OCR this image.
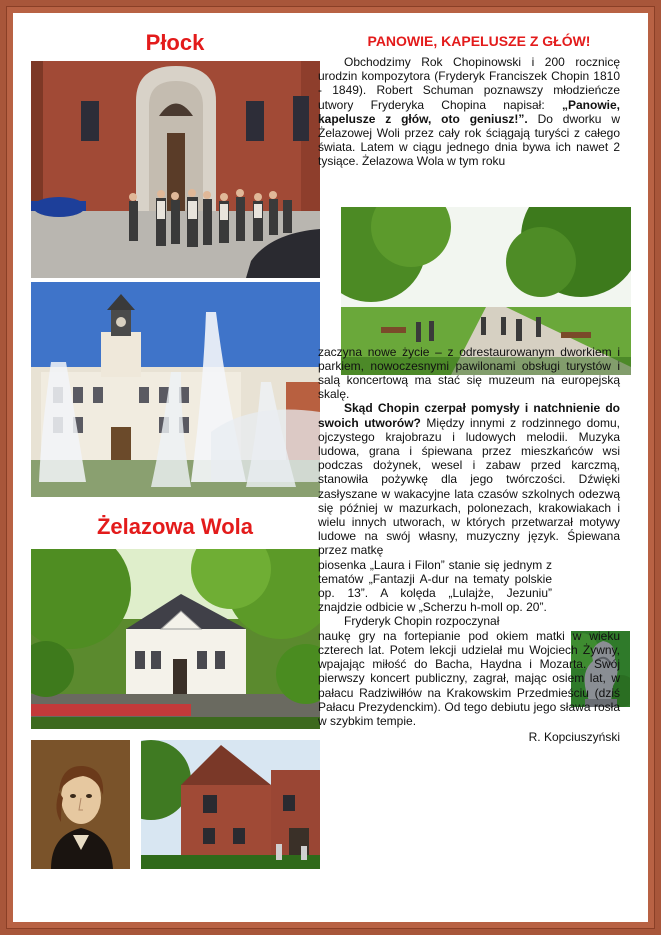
Płock
Żelazowa Wola
PANOWIE, KAPELUSZE Z GŁÓW!

Obchodzimy Rok Chopinowski i 200 rocznicę urodzin kompozytora (Fryderyk Franciszek Chopin 1810 - 1849). Robert Schuman poznawszy młodzieńcze utwory Fryderyka Chopina napisał: „Panowie, kapelusze z głów, oto geniusz!”. Do dworku w Żelazowej Woli przez cały rok ściągają turyści z całego świata. Latem w ciągu jednego dnia bywa ich nawet 2 tysiące. Żelazowa Wola w tym roku

zaczyna nowe życie – z odrestaurowanym dworkiem i parkiem, nowoczesnymi pawilonami obsługi turystów i salą koncertową ma stać się muzeum na europejską skalę.

Skąd Chopin czerpał pomysły i natchnienie do swoich utworów? Między innymi z rodzinnego domu, ojczystego krajobrazu i ludowych melodii. Muzyka ludowa, grana i śpiewana przez mieszkańców wsi podczas dożynek, wesel i zabaw przed karczmą, stanowiła pożywkę dla jego twórczości. Dźwięki zasłyszane w wakacyjne lata czasów szkolnych odezwą się później w mazurkach, polonezach, krakowiakach i wielu innych utworach, w których przetwarzał motywy ludowe na swój własny, muzyczny język. Śpiewana przez matkę

piosenka „Laura i Filon” stanie się jednym z tematów „Fantazji A-dur na tematy polskie op. 13”. A kolęda „Lulajże, Jezuniu” znajdzie odbicie w „Scherzu h-moll op. 20”.

Fryderyk Chopin rozpoczynał

naukę gry na fortepianie pod okiem matki w wieku czterech lat. Potem lekcji udzielał mu Wojciech Żywny, wpajając miłość do Bacha, Haydna i Mozarta. Swój pierwszy koncert publiczny, zagrał, mając osiem lat, w pałacu Radziwiłłów na Krakowskim Przedmieściu (dziś Pałacu Prezydenckim). Od tego debiutu jego sława rosła w szybkim tempie.

R. Kopciuszyński
